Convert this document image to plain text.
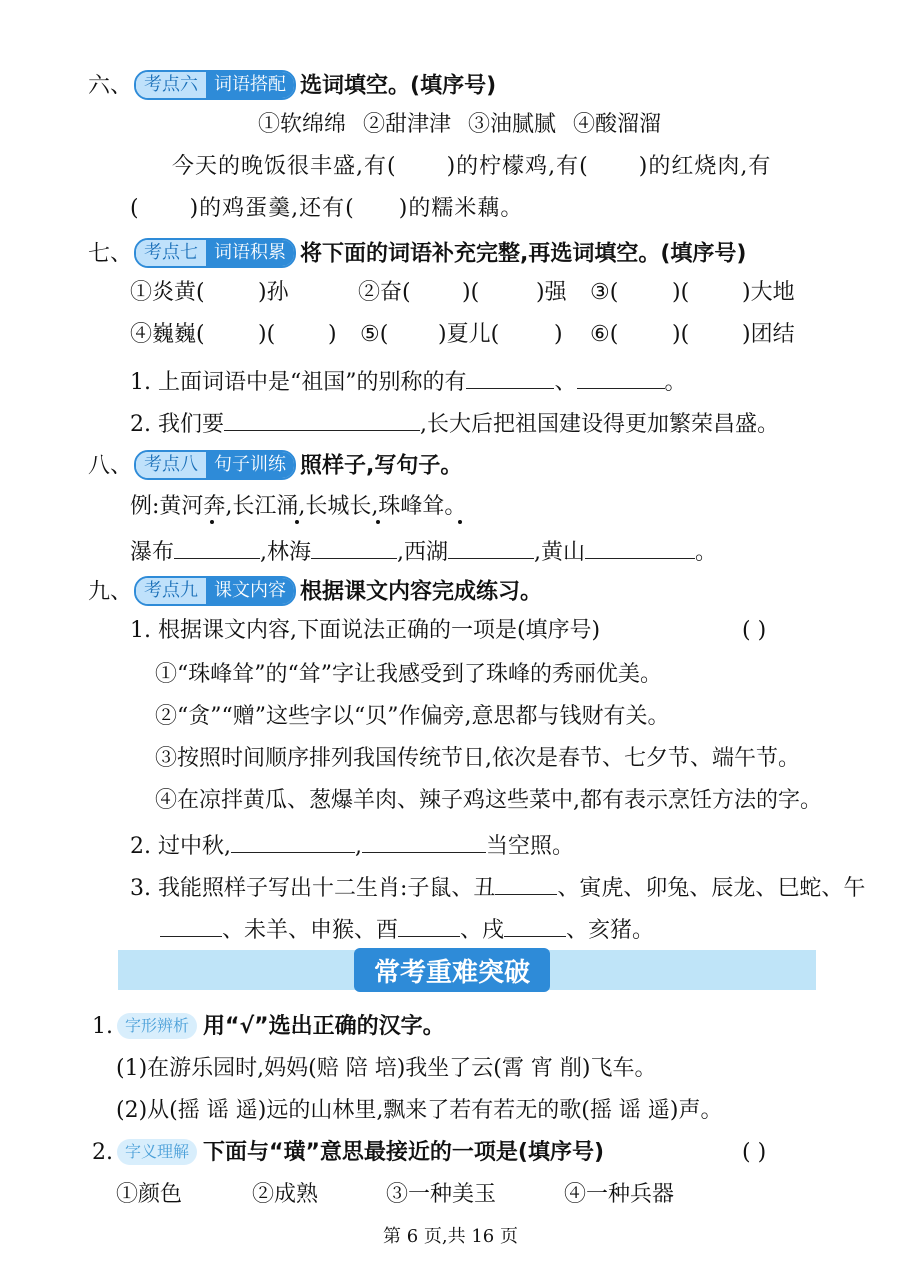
六、 考点六 词语搭配 选词填空。(填序号)
①软绵绵 ②甜津津 ③油腻腻 ④酸溜溜
今天的晚饭很丰盛,有( )的柠檬鸡,有( )的红烧肉,有
( )的鸡蛋羹,还有( )的糯米藕。
七、 考点七 词语积累 将下面的词语补充完整,再选词填空。(填序号)
①炎黄( )孙	②奋( )(	)强 ③( )( )大地
④巍巍( )( ) ⑤( )夏儿( ) ⑥( )( )团结
1. 上面词语中是“祖国”的别称的有	、	。
2. 我们要	,长大后把祖国建设得更加繁荣昌盛。
八、 考点八 句子训练 照样子,写句子。
例:黄河奔,长江涌,长城长,珠峰耸。
瀑布	,林海	,西湖	,黄山	。
九、 考点九 课文内容 根据课文内容完成练习。
1. 根据课文内容,下面说法正确的一项是(填序号)	( )
①“珠峰耸”的“耸”字让我感受到了珠峰的秀丽优美。
②“贪”“赠”这些字以“贝”作偏旁,意思都与钱财有关。
③按照时间顺序排列我国传统节日,依次是春节、七夕节、端午节。
④在凉拌黄瓜、葱爆羊肉、辣子鸡这些菜中,都有表示烹饪方法的字。
2. 过中秋,	,	当空照。
3. 我能照样子写出十二生肖:子鼠、丑	、寅虎、卯兔、辰龙、巳蛇、午
、未羊、申猴、酉	、戌	、亥猪。
常考重难突破
1. 字形辨析 用“√”选出正确的汉字。
(1)在游乐园时,妈妈(赔 陪 培)我坐了云(霄 宵 削)飞车。
(2)从(摇 谣 遥)远的山林里,飘来了若有若无的歌(摇 谣 遥)声。
2. 字义理解 下面与“璜”意思最接近的一项是(填序号)	( )
①颜色	②成熟	③一种美玉	④一种兵器
第 6 页,共 16 页
